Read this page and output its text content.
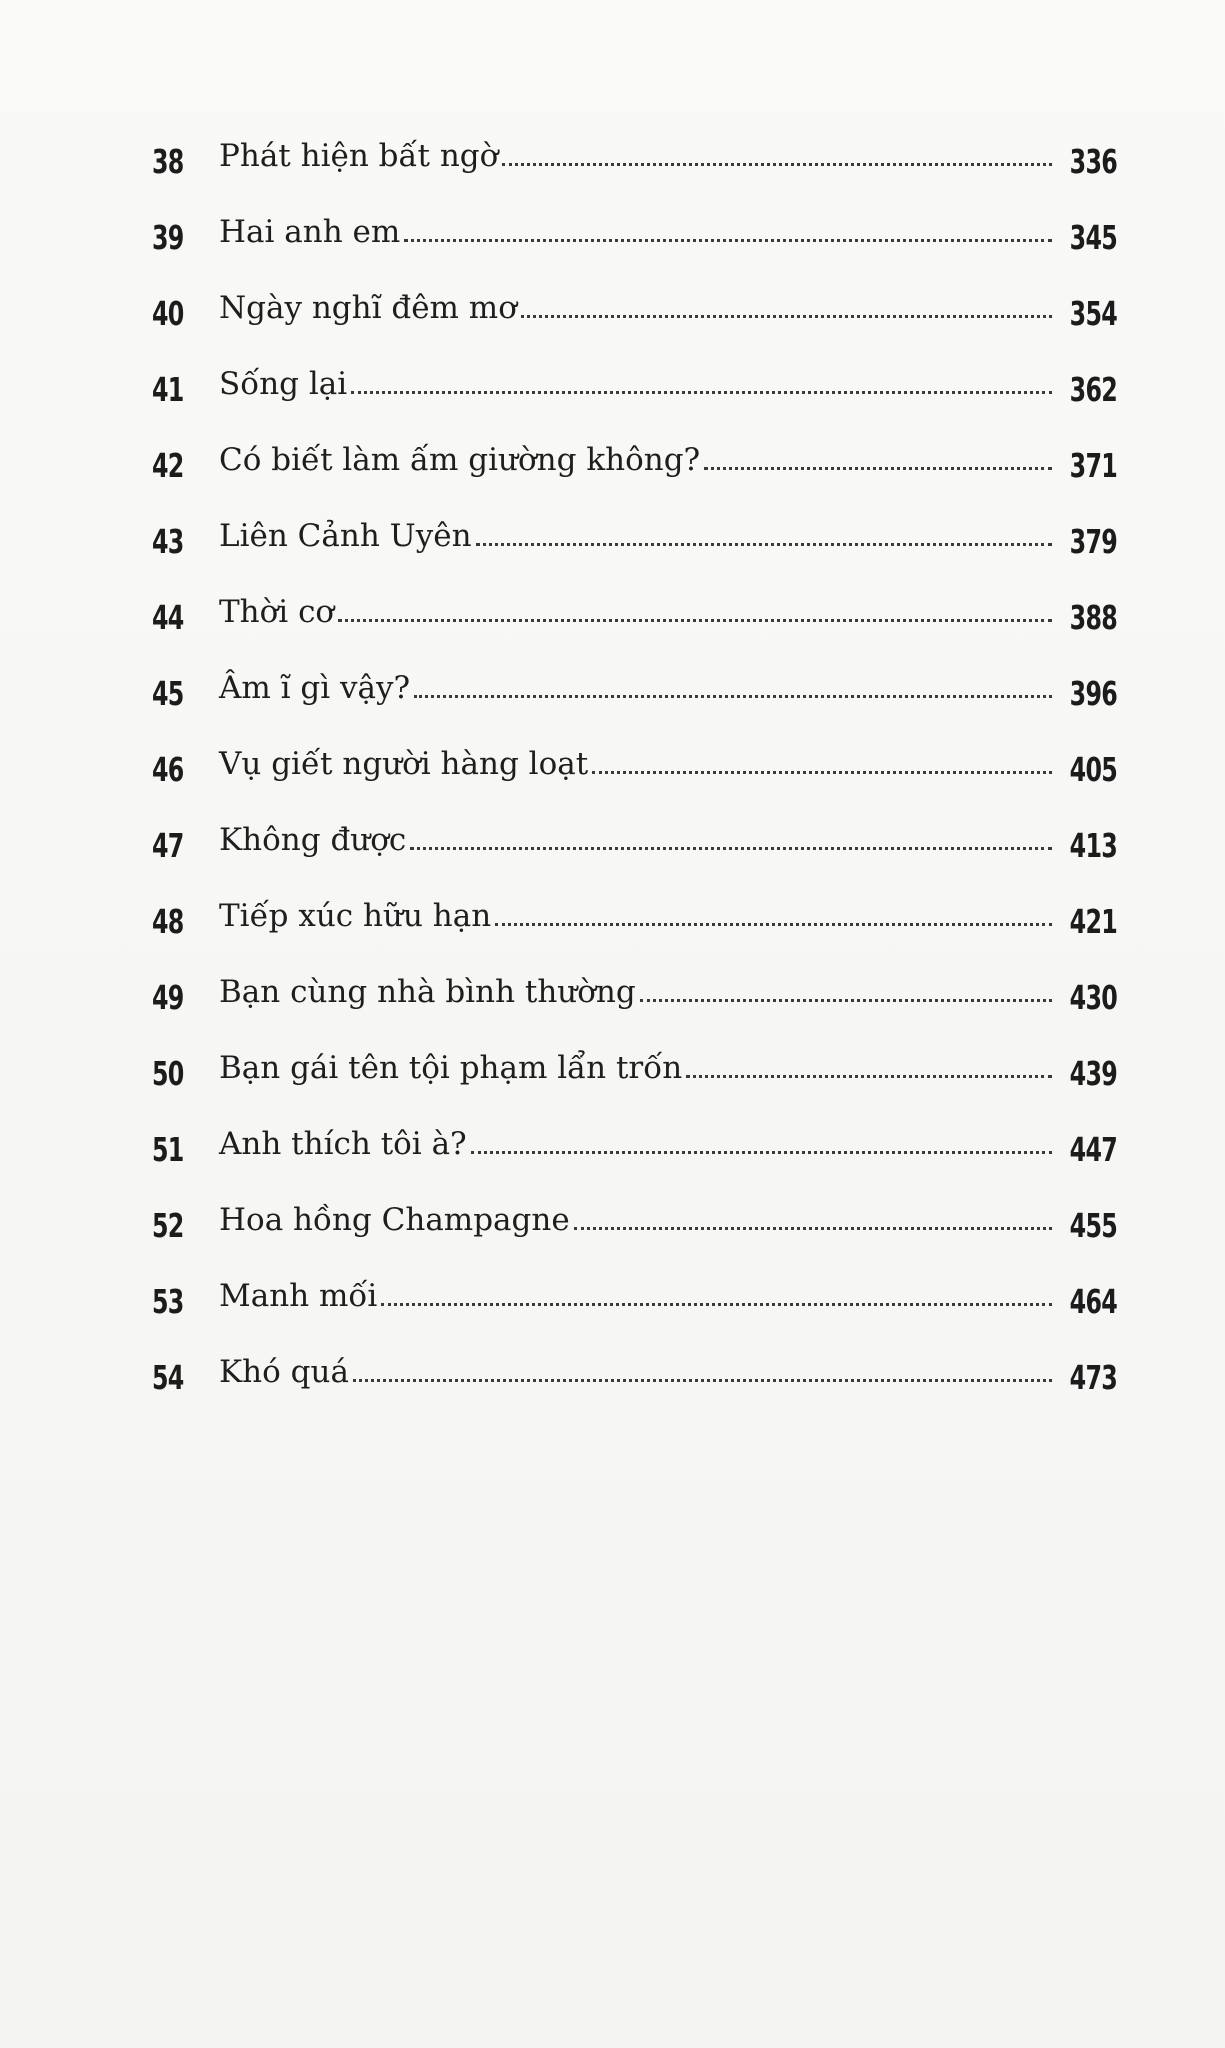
38	Phát hiện bất ngờ	336
39	Hai anh em	345
40	Ngày nghĩ đêm mơ	354
41	Sống lại	362
42	Có biết làm ấm giường không?	371
43	Liên Cảnh Uyên	379
44	Thời cơ	388
45	Âm ĩ gì vậy?	396
46	Vụ giết người hàng loạt	405
47	Không được	413
48	Tiếp xúc hữu hạn	421
49	Bạn cùng nhà bình thường	430
50	Bạn gái tên tội phạm lẩn trốn	439
51	Anh thích tôi à?	447
52	Hoa hồng Champagne	455
53	Manh mối	464
54	Khó quá	473
